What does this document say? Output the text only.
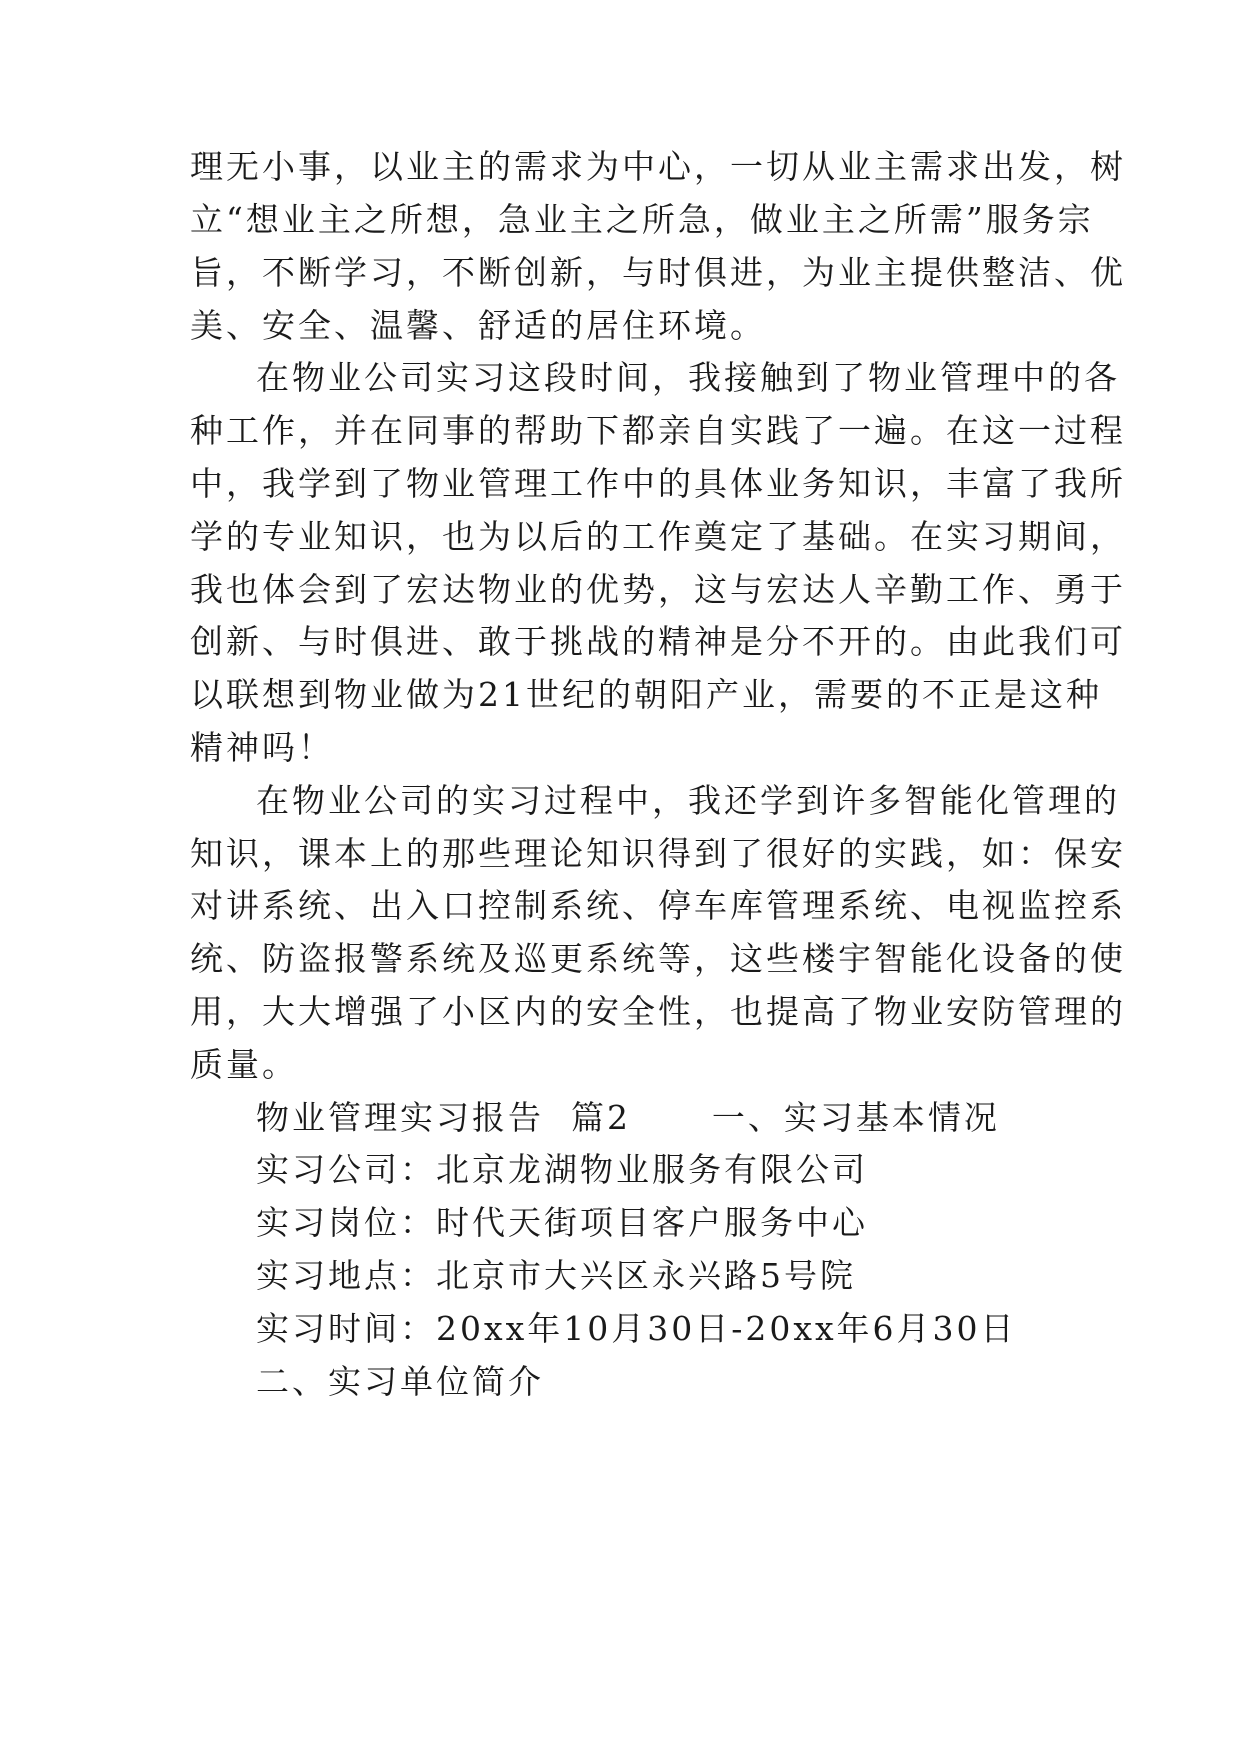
理无小事，以业主的需求为中心，一切从业主需求出发，树
立“想业主之所想，急业主之所急，做业主之所需”服务宗
旨，不断学习，不断创新，与时俱进，为业主提供整洁、优
美、安全、温馨、舒适的居住环境。
在物业公司实习这段时间，我接触到了物业管理中的各
种工作，并在同事的帮助下都亲自实践了一遍。在这一过程
中，我学到了物业管理工作中的具体业务知识，丰富了我所
学的专业知识，也为以后的工作奠定了基础。在实习期间，
我也体会到了宏达物业的优势，这与宏达人辛勤工作、勇于
创新、与时俱进、敢于挑战的精神是分不开的。由此我们可
以联想到物业做为21世纪的朝阳产业，需要的不正是这种
精神吗！
在物业公司的实习过程中，我还学到许多智能化管理的
知识，课本上的那些理论知识得到了很好的实践，如：保安
对讲系统、出入口控制系统、停车库管理系统、电视监控系
统、防盗报警系统及巡更系统等，这些楼宇智能化设备的使
用，大大增强了小区内的安全性，也提高了物业安防管理的
质量。
物业管理实习报告  篇2      一、实习基本情况
实习公司：北京龙湖物业服务有限公司
实习岗位：时代天街项目客户服务中心
实习地点：北京市大兴区永兴路5号院
实习时间：20xx年10月30日-20xx年6月30日
二、实习单位简介
